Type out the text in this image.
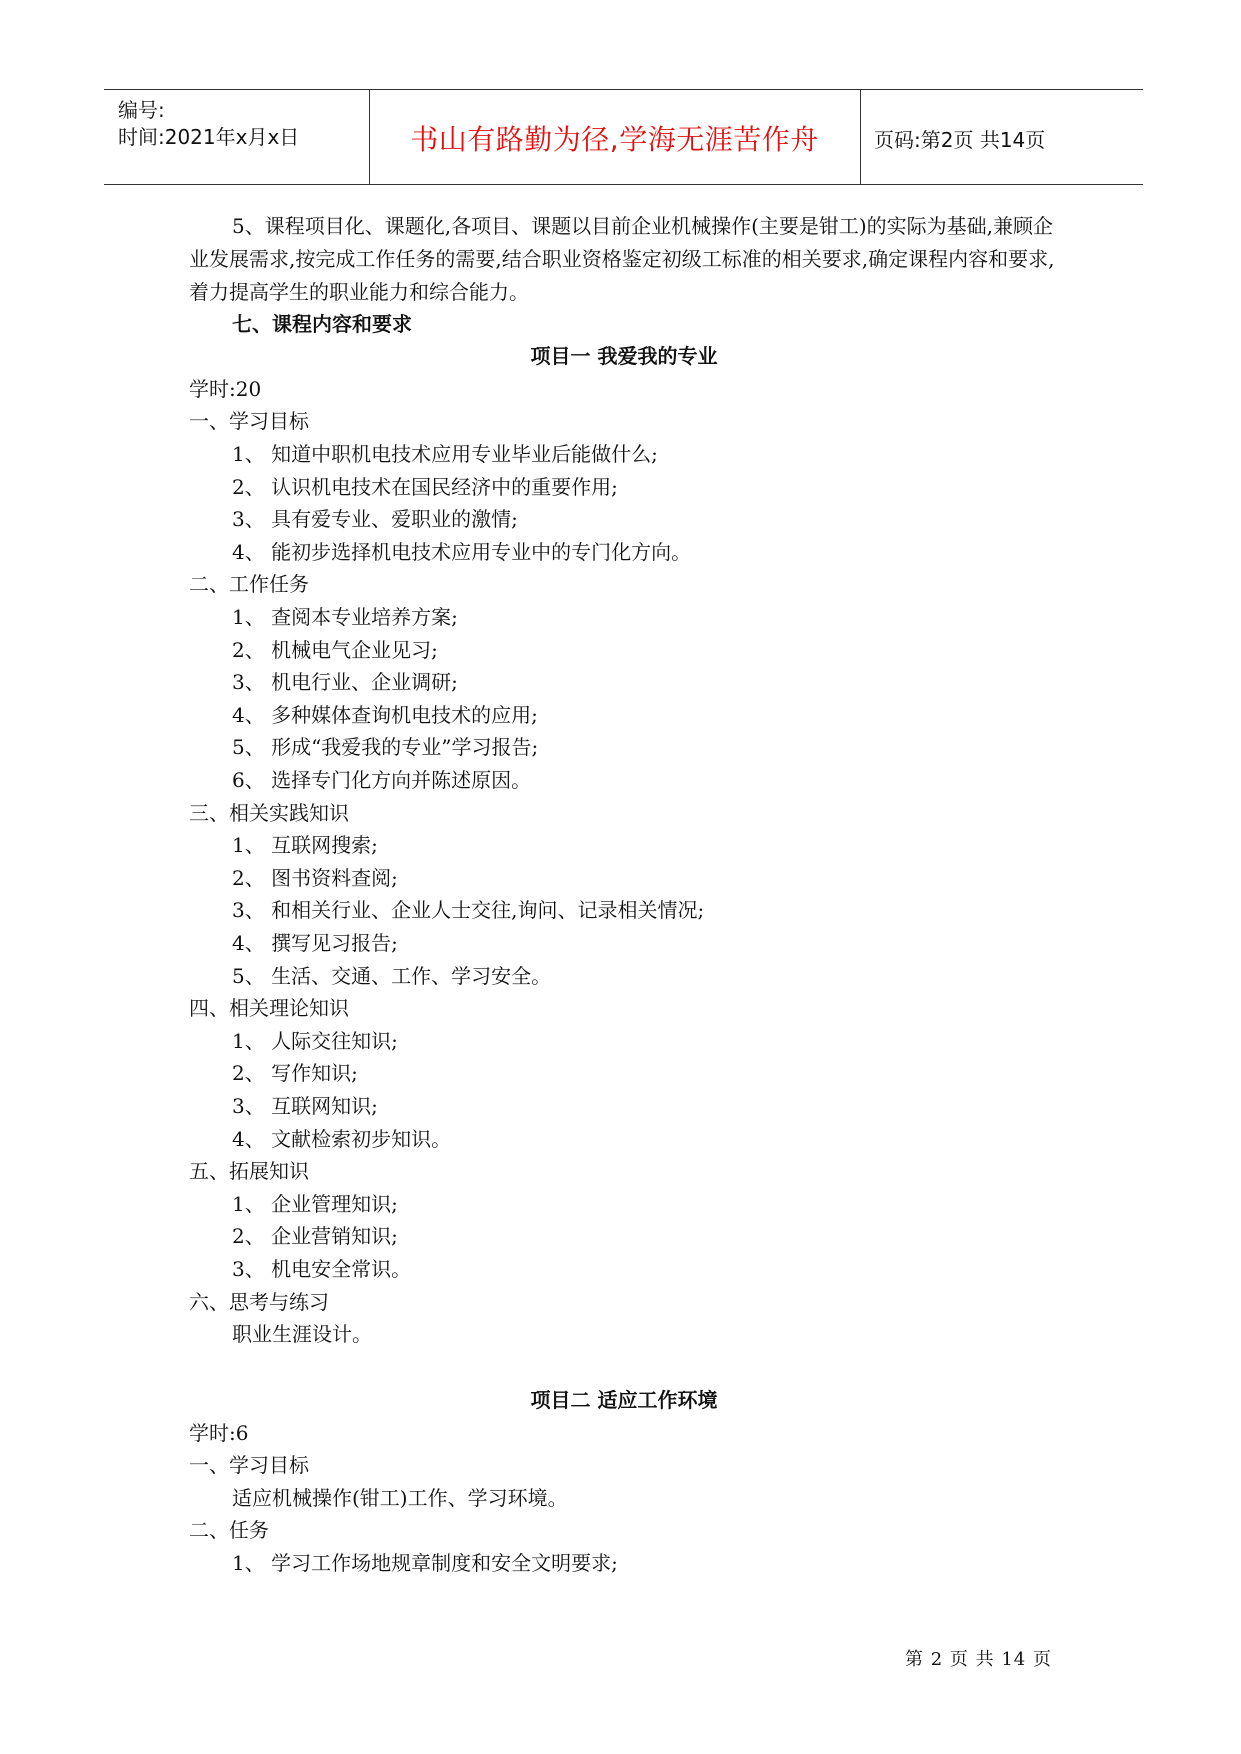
编号:
时间:2021年x月x日	书山有路勤为径,学海无涯苦作舟	页码:第2页 共14页
5、课程项目化、课题化,各项目、课题以目前企业机械操作(主要是钳工)的实际为基础,兼顾企业发展需求,按完成工作任务的需要,结合职业资格鉴定初级工标准的相关要求,确定课程内容和要求,着力提高学生的职业能力和综合能力。
七、课程内容和要求
项目一 我爱我的专业
学时:20
一、学习目标
1、 知道中职机电技术应用专业毕业后能做什么;
2、 认识机电技术在国民经济中的重要作用;
3、 具有爱专业、爱职业的激情;
4、 能初步选择机电技术应用专业中的专门化方向。
二、工作任务
1、 查阅本专业培养方案;
2、 机械电气企业见习;
3、 机电行业、企业调研;
4、 多种媒体查询机电技术的应用;
5、 形成“我爱我的专业”学习报告;
6、 选择专门化方向并陈述原因。
三、相关实践知识
1、 互联网搜索;
2、 图书资料查阅;
3、 和相关行业、企业人士交往,询问、记录相关情况;
4、 撰写见习报告;
5、 生活、交通、工作、学习安全。
四、相关理论知识
1、 人际交往知识;
2、 写作知识;
3、 互联网知识;
4、 文献检索初步知识。
五、拓展知识
1、 企业管理知识;
2、 企业营销知识;
3、 机电安全常识。
六、思考与练习
职业生涯设计。
项目二 适应工作环境
学时:6
一、学习目标
适应机械操作(钳工)工作、学习环境。
二、任务
1、 学习工作场地规章制度和安全文明要求;
第 2 页 共 14 页
